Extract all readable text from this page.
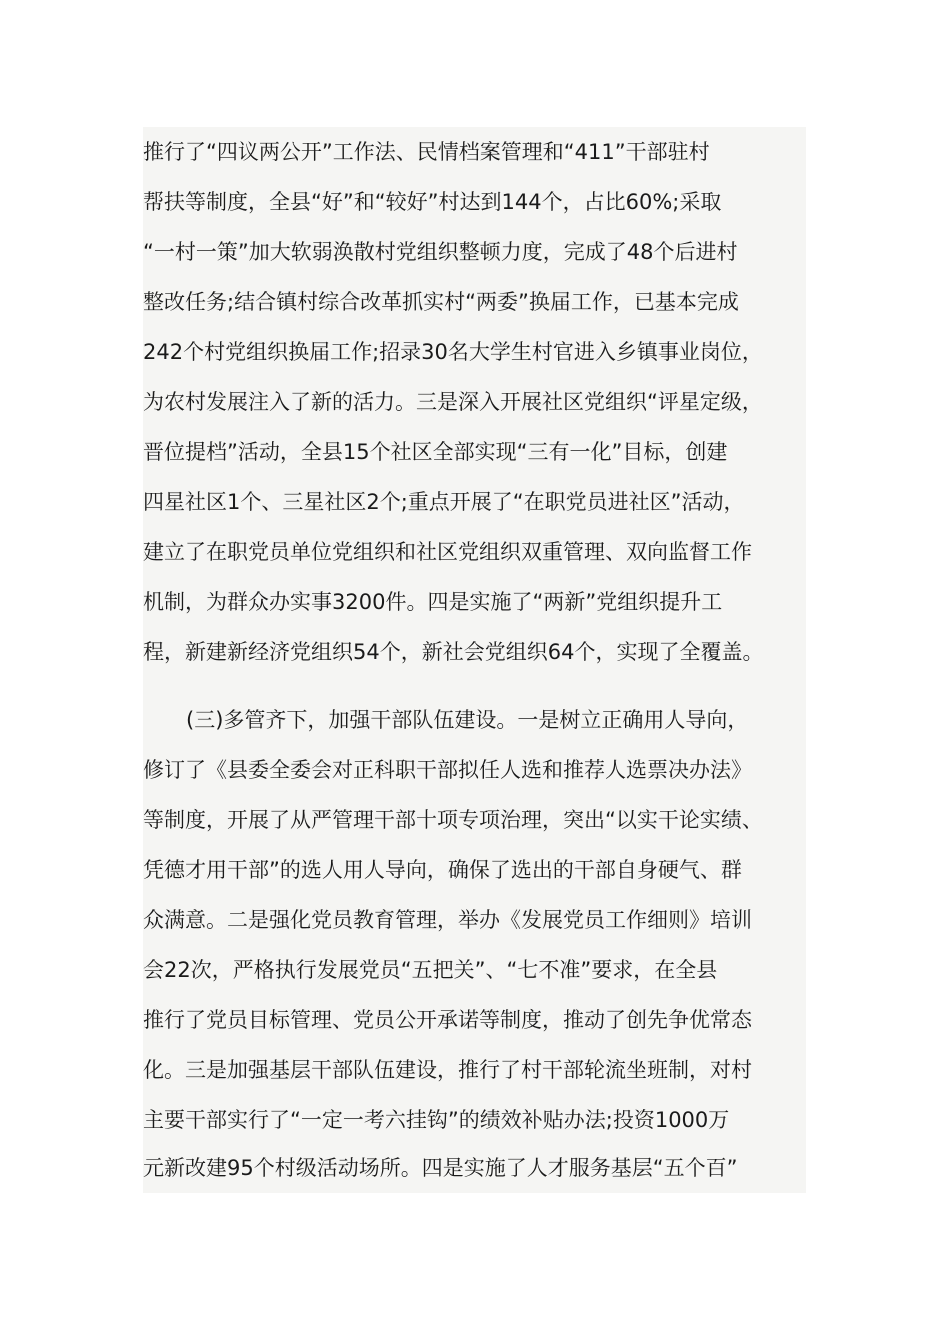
推行了“四议两公开”工作法、民情档案管理和“411”干部驻村
帮扶等制度，全县“好”和“较好”村达到144个，占比60%;采取
“一村一策”加大软弱涣散村党组织整顿力度，完成了48个后进村
整改任务;结合镇村综合改革抓实村“两委”换届工作，已基本完成
242个村党组织换届工作;招录30名大学生村官进入乡镇事业岗位，
为农村发展注入了新的活力。三是深入开展社区党组织“评星定级，
晋位提档”活动，全县15个社区全部实现“三有一化”目标，创建
四星社区1个、三星社区2个;重点开展了“在职党员进社区”活动，
建立了在职党员单位党组织和社区党组织双重管理、双向监督工作
机制，为群众办实事3200件。四是实施了“两新”党组织提升工
程，新建新经济党组织54个，新社会党组织64个，实现了全覆盖。
(三)多管齐下，加强干部队伍建设。一是树立正确用人导向，
修订了《县委全委会对正科职干部拟任人选和推荐人选票决办法》
等制度，开展了从严管理干部十项专项治理，突出“以实干论实绩、
凭德才用干部”的选人用人导向，确保了选出的干部自身硬气、群
众满意。二是强化党员教育管理，举办《发展党员工作细则》培训
会22次，严格执行发展党员“五把关”、“七不准”要求，在全县
推行了党员目标管理、党员公开承诺等制度，推动了创先争优常态
化。三是加强基层干部队伍建设，推行了村干部轮流坐班制，对村
主要干部实行了“一定一考六挂钩”的绩效补贴办法;投资1000万
元新改建95个村级活动场所。四是实施了人才服务基层“五个百”
